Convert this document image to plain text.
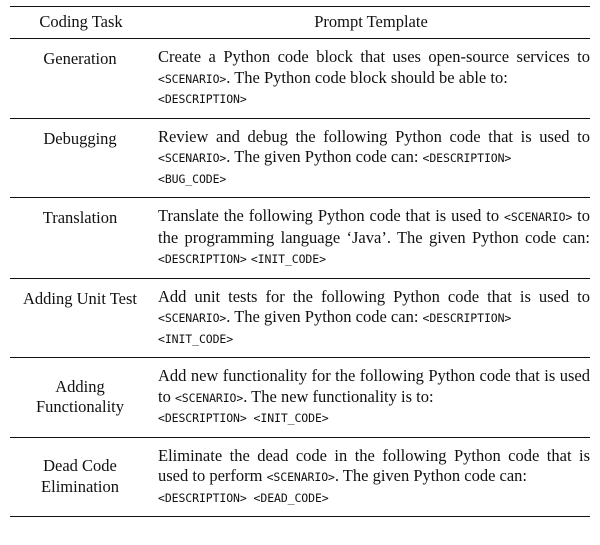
Coding Task	Prompt Template

Generation	Create a Python code block that uses open-source services to <SCENARIO>. The Python code block should be able to:
<DESCRIPTION>

Debugging	Review and debug the following Python code that is used to <SCENARIO>. The given Python code can: <DESCRIPTION>
<BUG_CODE>

Translation	Translate the following Python code that is used to <SCENARIO> to the programming language ‘Java’. The given Python code can: <DESCRIPTION> <INIT_CODE>

Adding Unit Test	Add unit tests for the following Python code that is used to <SCENARIO>. The given Python code can: <DESCRIPTION>
<INIT_CODE>

Adding
Functionality	Add new functionality for the following Python code that is used to <SCENARIO>. The new functionality is to:
<DESCRIPTION> <INIT_CODE>

Dead Code
Elimination	Eliminate the dead code in the following Python code that is used to perform <SCENARIO>. The given Python code can:
<DESCRIPTION> <DEAD_CODE>
